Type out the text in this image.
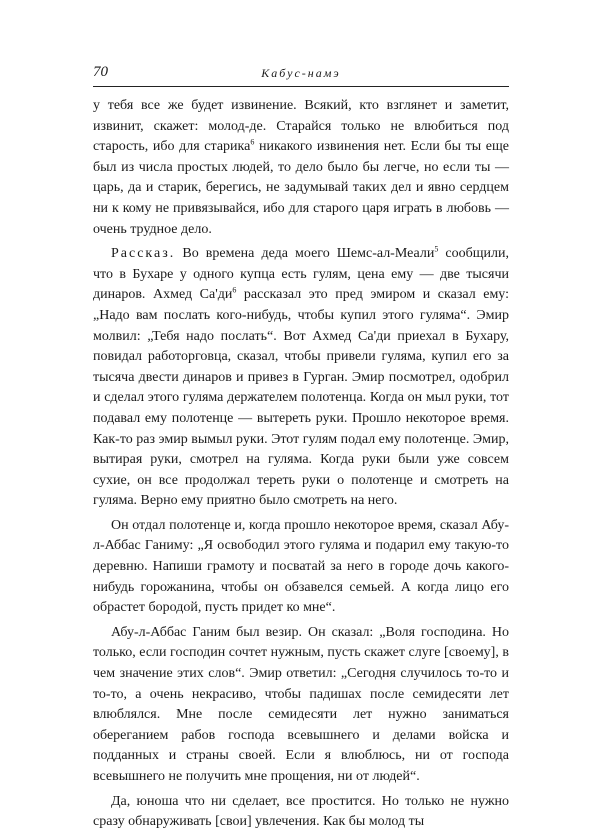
70	Кабус-намэ

у тебя все же будет извинение. Всякий, кто взглянет и заметит, извинит, скажет: молод-де. Старайся только не влюбиться под старость, ибо для старика$^6$ никакого извинения нет. Если бы ты еще был из числа простых людей, то дело было бы легче, но если ты — царь, да и старик, берегись, не задумывай таких дел и явно сердцем ни к кому не привязывайся, ибо для старого царя играть в любовь — очень трудное дело.

Рассказ. Во времена деда моего Шемс-ал-Меали$^5$ сообщили, что в Бухаре у одного купца есть гулям, цена ему — две тысячи динаров. Ахмед $Са'ди^6$ рассказал это пред эмиром и сказал ему: „Надо вам послать кого-нибудь, чтобы купил этого гуляма“. Эмир молвил: „Тебя надо послать“. Вот Ахмед Са'ди приехал в Бухару, повидал работорговца, сказал, чтобы привели гуляма, купил его за тысяча двести динаров и привез в Гурган. Эмир посмотрел, одобрил и сделал этого гуляма держателем полотенца. Когда он мыл руки, тот подавал ему полотенце — вытереть руки. Прошло некоторое время. Как-то раз эмир вымыл руки. Этот гулям подал ему полотенце. Эмир, вытирая руки, смотрел на гуляма. Когда руки были уже совсем сухие, он все продолжал тереть руки о полотенце и смотреть на гуляма. Верно ему приятно было смотреть на него.

Он отдал полотенце и, когда прошло некоторое время, сказал Абу-л-Аббас Ганиму: „Я освободил этого гуляма и подарил ему такую-то деревню. Напиши грамоту и посватай за него в городе дочь какого-нибудь горожанина, чтобы он обзавелся семьей. А когда лицо его обрастет бородой, пусть придет ко мне“.

Абу-л-Аббас Ганим был везир. Он сказал: „Воля господина. Но только, если господин сочтет нужным, пусть скажет слуге [своему], в чем значение этих слов“. Эмир ответил: „Сегодня случилось то-то и то-то, а очень некрасиво, чтобы падишах после семидесяти лет влюблялся. Мне после семидесяти лет нужно заниматься обереганием рабов господа всевышнего и делами войска и подданных и страны своей. Если я влюблюсь, ни от господа всевышнего не получить мне прощения, ни от людей“.

Да, юноша что ни сделает, все простится. Но только не нужно сразу обнаруживать [свои] увлечения. Как бы молод ты
